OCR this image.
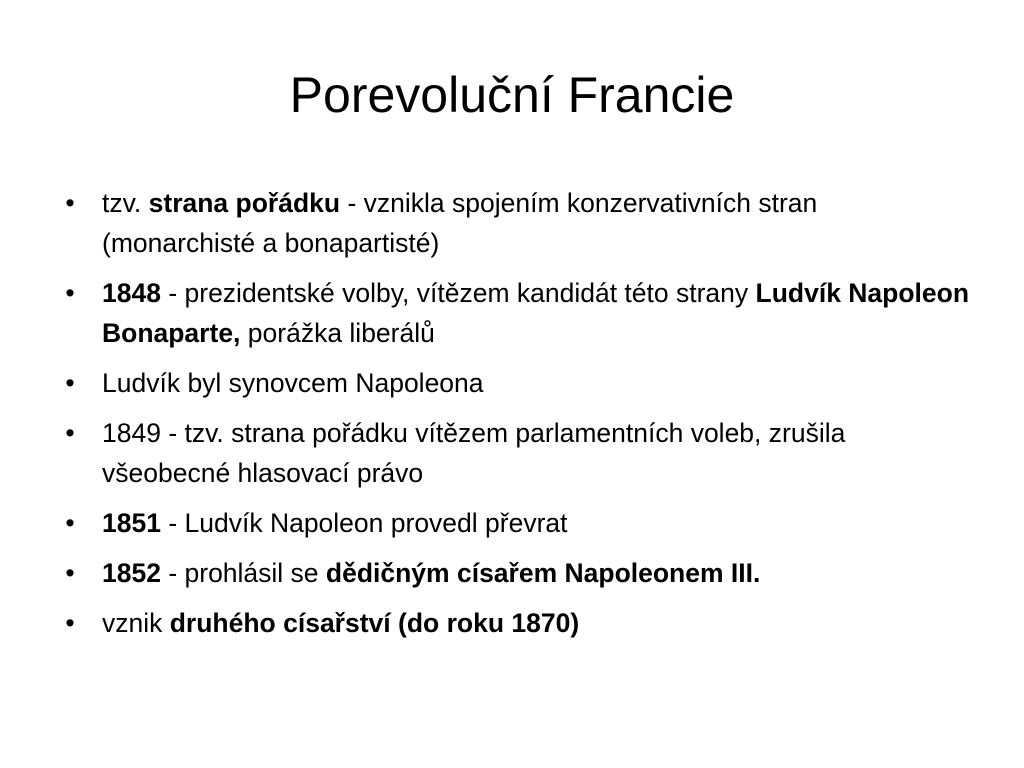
Porevoluční Francie
• tzv. strana pořádku - vznikla spojením konzervativních stran (monarchisté a bonapartisté)
• 1848 - prezidentské volby, vítězem kandidát této strany Ludvík Napoleon Bonaparte, porážka liberálů
• Ludvík byl synovcem Napoleona
• 1849 - tzv. strana pořádku vítězem parlamentních voleb, zrušila všeobecné hlasovací právo
• 1851 - Ludvík Napoleon provedl převrat
• 1852 - prohlásil se dědičným císařem Napoleonem III.
• vznik druhého císařství (do roku 1870)
